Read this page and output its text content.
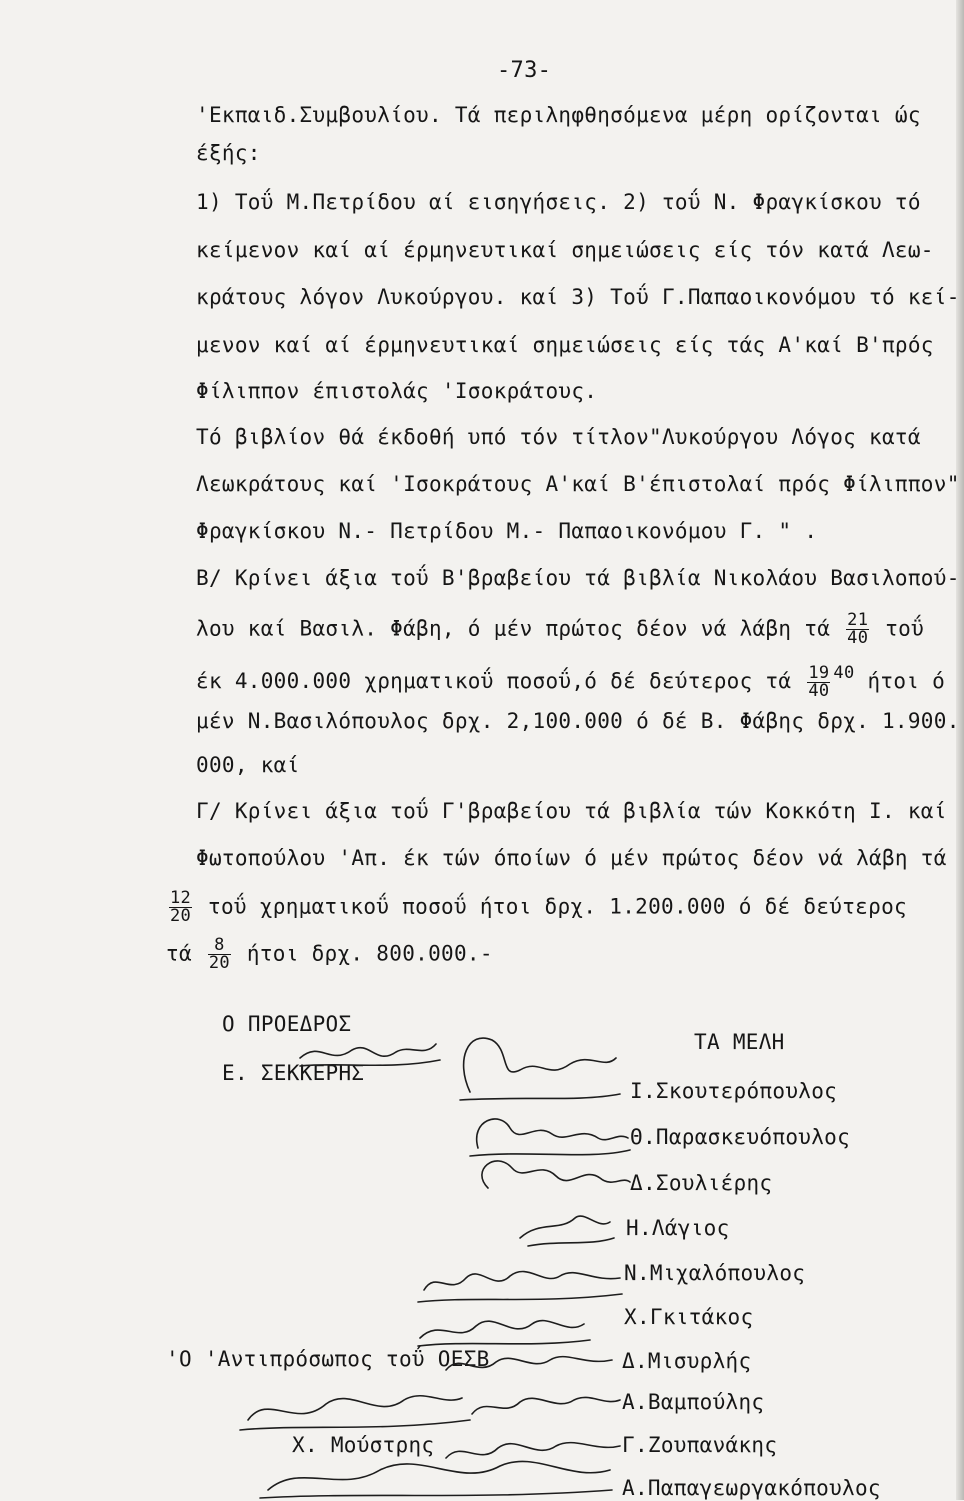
-73-
'Εκπαιδ.Συμβουλίου. Τά περιληφθησόμενα μέρη ορίζονται ώς
έξής:
1) Τοΰ Μ.Πετρίδου αί εισηγήσεις. 2) τοΰ Ν. Φραγκίσκου τό
κείμενον καί αί έρμηνευτικαί σημειώσεις είς τόν κατά Λεω-
κράτους λόγον Λυκούργου. καί 3) Τοΰ Γ.Παπαοικονόμου τό κεί-
μενον καί αί έρμηνευτικαί σημειώσεις είς τάς Α'καί Β'πρός
Φίλιππον έπιστολάς 'Ισοκράτους.
Τό βιβλίον θά έκδοθή υπό τόν τίτλον"Λυκούργου Λόγος κατά
Λεωκράτους καί 'Ισοκράτους Α'καί Β'έπιστολαί πρός Φίλιππον"
Φραγκίσκου Ν.- Πετρίδου Μ.- Παπαοικονόμου Γ. " .
Β/ Κρίνει άξια τοΰ Β'βραβείου τά βιβλία Νικολάου Βασιλοπού-
λου καί Βασιλ. Φάβη, ό μέν πρώτος δέον νά λάβη τά $\frac{21}{40}$ τοΰ
έκ 4.000.000 χρηματικοΰ ποσοΰ,ό δέ δεύτερος τά $\frac{19}{40} ^{40}$ ήτοι ό
μέν Ν.Βασιλόπουλος δρχ. 2,100.000 ό δέ Β. Φάβης δρχ. 1.900.
000, καί
Γ/ Κρίνει άξια τοΰ Γ'βραβείου τά βιβλία τών Κοκκότη Ι. καί
Φωτοπούλου 'Απ. έκ τών όποίων ό μέν πρώτος δέον νά λάβη τά
$\frac{12}{20}$ τοΰ χρηματικοΰ ποσοΰ ήτοι δρχ. 1.200.000 ό δέ δεύτερος
τά $\frac{8}{20}$ ήτοι δρχ. 800.000.-
Ο ΠΡΟΕΔΡΟΣ
Ε. ΣΕΚΚΕΡΗΣ
ΤΑ ΜΕΛΗ
Ι.Σκουτερόπουλος
Θ.Παρασκευόπουλος
Δ.Σουλιέρης
Η.Λάγιος
Ν.Μιχαλόπουλος
Χ.Γκιτάκος
Δ.Μισυρλής
Α.Βαμπούλης
Γ.Ζουπανάκης
Α.Παπαγεωργακόπουλος
'Ο 'Αντιπρόσωπος τοΰ ΟΕΣΒ
Χ. Μούστρης
